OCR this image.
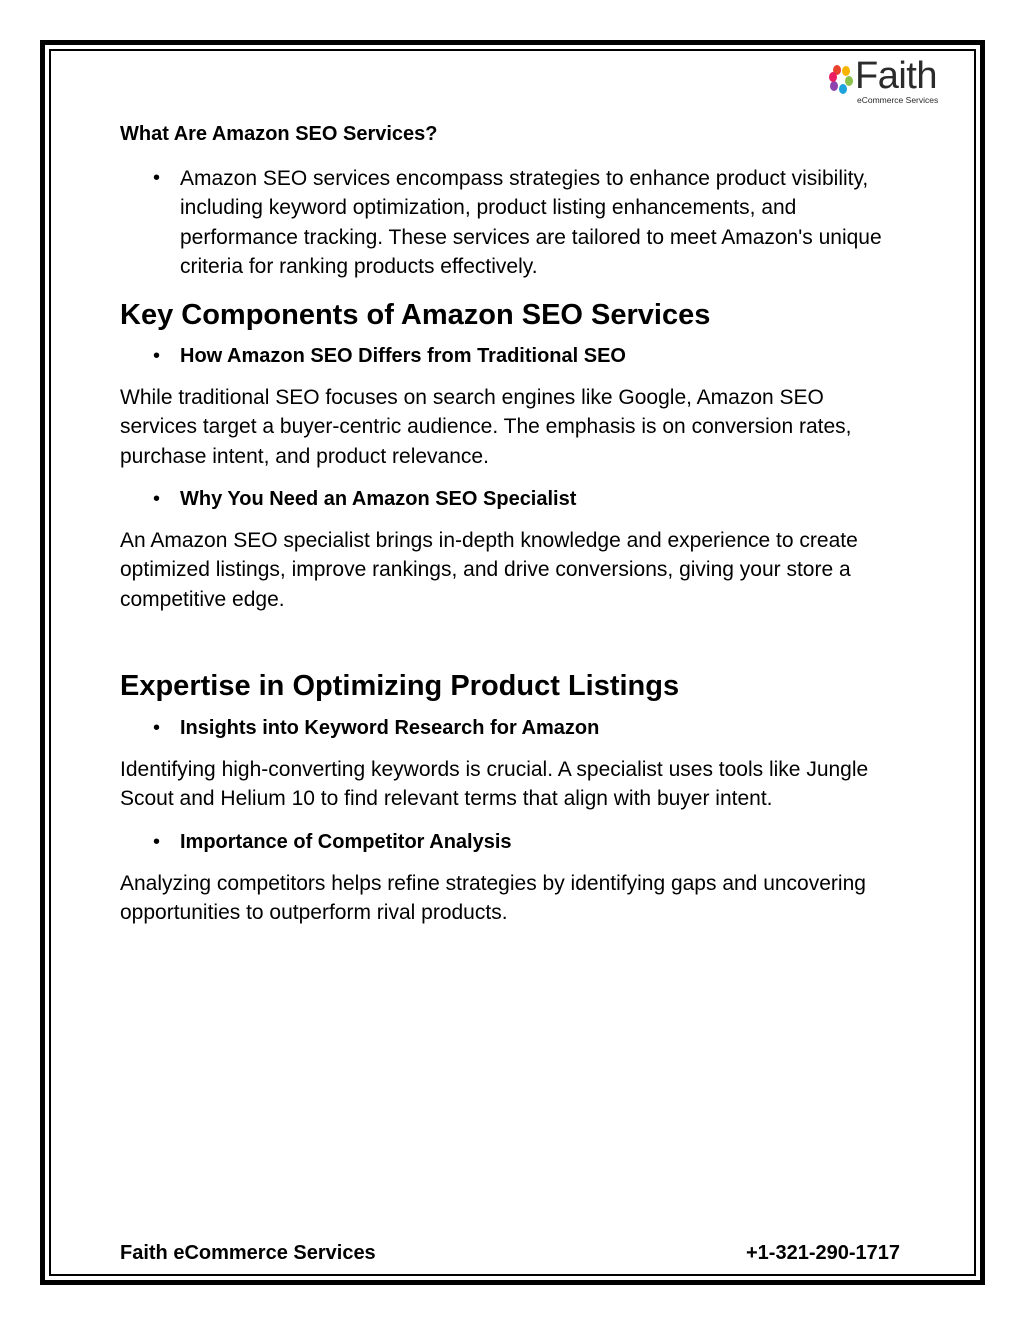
Faith
eCommerce Services

What Are Amazon SEO Services?

• Amazon SEO services encompass strategies to enhance product visibility, including keyword optimization, product listing enhancements, and performance tracking. These services are tailored to meet Amazon's unique criteria for ranking products effectively.

Key Components of Amazon SEO Services

• How Amazon SEO Differs from Traditional SEO

While traditional SEO focuses on search engines like Google, Amazon SEO services target a buyer-centric audience. The emphasis is on conversion rates, purchase intent, and product relevance.

• Why You Need an Amazon SEO Specialist

An Amazon SEO specialist brings in-depth knowledge and experience to create optimized listings, improve rankings, and drive conversions, giving your store a competitive edge.

Expertise in Optimizing Product Listings

• Insights into Keyword Research for Amazon

Identifying high-converting keywords is crucial. A specialist uses tools like Jungle Scout and Helium 10 to find relevant terms that align with buyer intent.

• Importance of Competitor Analysis

Analyzing competitors helps refine strategies by identifying gaps and uncovering opportunities to outperform rival products.

Faith eCommerce Services	+1-321-290-1717
